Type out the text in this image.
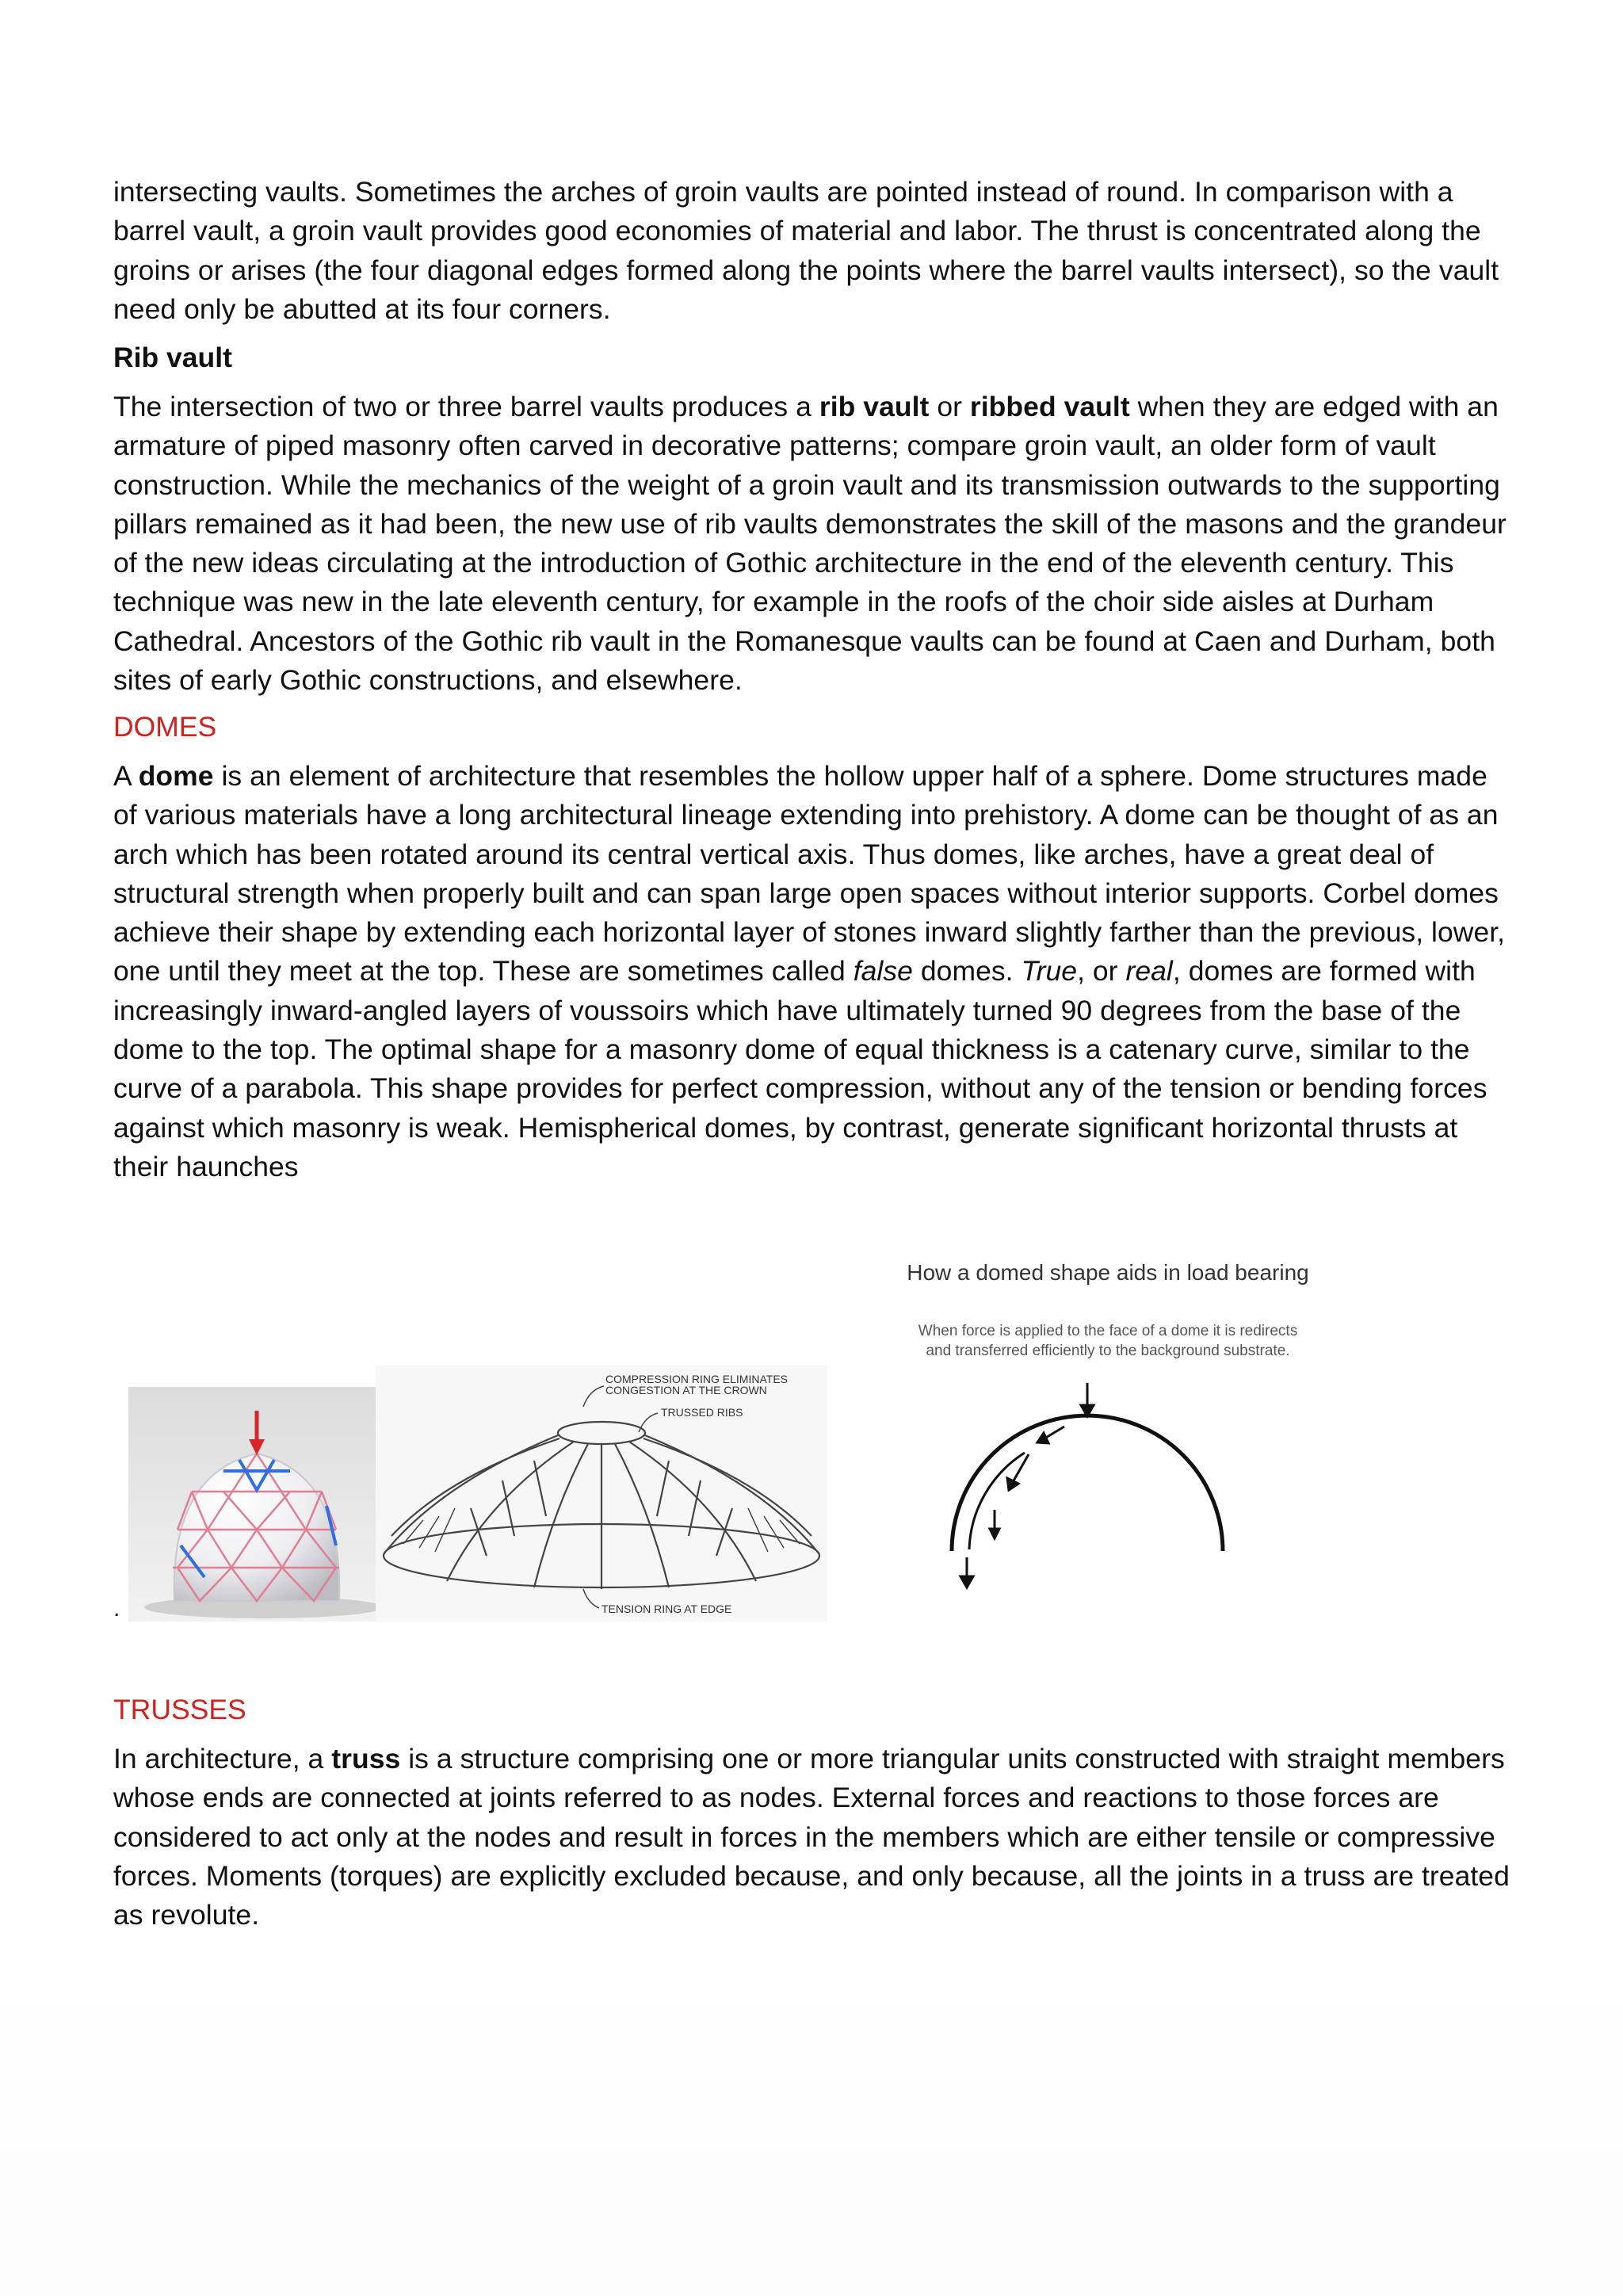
intersecting vaults. Sometimes the arches of groin vaults are pointed instead of round. In comparison with a barrel vault, a groin vault provides good economies of material and labor. The thrust is concentrated along the groins or arises (the four diagonal edges formed along the points where the barrel vaults intersect), so the vault need only be abutted at its four corners.

Rib vault

The intersection of two or three barrel vaults produces a rib vault or ribbed vault when they are edged with an armature of piped masonry often carved in decorative patterns; compare groin vault, an older form of vault construction. While the mechanics of the weight of a groin vault and its transmission outwards to the supporting pillars remained as it had been, the new use of rib vaults demonstrates the skill of the masons and the grandeur of the new ideas circulating at the introduction of Gothic architecture in the end of the eleventh century. This technique was new in the late eleventh century, for example in the roofs of the choir side aisles at Durham Cathedral. Ancestors of the Gothic rib vault in the Romanesque vaults can be found at Caen and Durham, both sites of early Gothic constructions, and elsewhere.

DOMES

A dome is an element of architecture that resembles the hollow upper half of a sphere. Dome structures made of various materials have a long architectural lineage extending into prehistory. A dome can be thought of as an arch which has been rotated around its central vertical axis. Thus domes, like arches, have a great deal of structural strength when properly built and can span large open spaces without interior supports. Corbel domes achieve their shape by extending each horizontal layer of stones inward slightly farther than the previous, lower, one until they meet at the top. These are sometimes called false domes. True, or real, domes are formed with increasingly inward-angled layers of voussoirs which have ultimately turned 90 degrees from the base of the dome to the top. The optimal shape for a masonry dome of equal thickness is a catenary curve, similar to the curve of a parabola. This shape provides for perfect compression, without any of the tension or bending forces against which masonry is weak. Hemispherical domes, by contrast, generate significant horizontal thrusts at their haunches

.
COMPRESSION RING ELIMINATES
CONGESTION AT THE CROWN
TRUSSED RIBS
TENSION RING AT EDGE
How a domed shape aids in load bearing
When force is applied to the face of a dome it is redirects
and transferred efficiently to the background substrate.

TRUSSES

In architecture, a truss is a structure comprising one or more triangular units constructed with straight members whose ends are connected at joints referred to as nodes. External forces and reactions to those forces are considered to act only at the nodes and result in forces in the members which are either tensile or compressive forces. Moments (torques) are explicitly excluded because, and only because, all the joints in a truss are treated as revolute.
